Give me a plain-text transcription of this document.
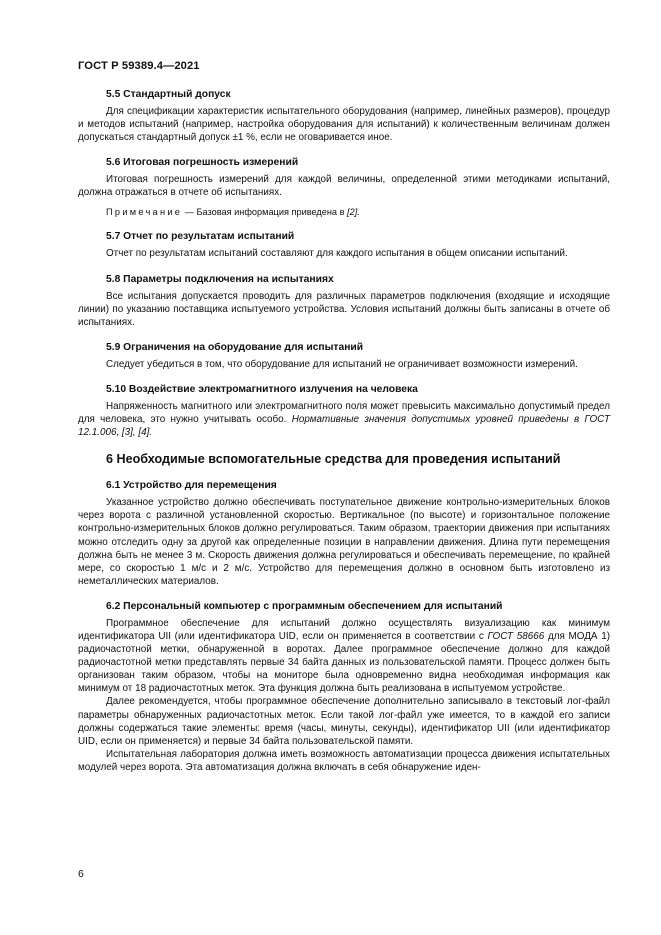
ГОСТ Р 59389.4—2021
5.5 Стандартный допуск
Для спецификации характеристик испытательного оборудования (например, линейных размеров), процедур и методов испытаний (например, настройка оборудования для испытаний) к количественным величинам должен допускаться стандартный допуск ±1 %, если не оговаривается иное.
5.6 Итоговая погрешность измерений
Итоговая погрешность измерений для каждой величины, определенной этими методиками испытаний, должна отражаться в отчете об испытаниях.
Примечание — Базовая информация приведена в [2].
5.7 Отчет по результатам испытаний
Отчет по результатам испытаний составляют для каждого испытания в общем описании испытаний.
5.8 Параметры подключения на испытаниях
Все испытания допускается проводить для различных параметров подключения (входящие и исходящие линии) по указанию поставщика испытуемого устройства. Условия испытаний должны быть записаны в отчете об испытаниях.
5.9 Ограничения на оборудование для испытаний
Следует убедиться в том, что оборудование для испытаний не ограничивает возможности измерений.
5.10 Воздействие электромагнитного излучения на человека
Напряженность магнитного или электромагнитного поля может превысить максимально допустимый предел для человека, это нужно учитывать особо. Нормативные значения допустимых уровней приведены в ГОСТ 12.1.006, [3], [4].
6 Необходимые вспомогательные средства для проведения испытаний
6.1 Устройство для перемещения
Указанное устройство должно обеспечивать поступательное движение контрольно-измерительных блоков через ворота с различной установленной скоростью. Вертикальное (по высоте) и горизонтальное положение контрольно-измерительных блоков должно регулироваться. Таким образом, траектории движения при испытаниях можно отследить одну за другой как определенные позиции в направлении движения. Длина пути перемещения должна быть не менее 3 м. Скорость движения должна регулироваться и обеспечивать перемещение, по крайней мере, со скоростью 1 м/с и 2 м/с. Устройство для перемещения должно в основном быть изготовлено из неметаллических материалов.
6.2 Персональный компьютер с программным обеспечением для испытаний
Программное обеспечение для испытаний должно осуществлять визуализацию как минимум идентификатора UII (или идентификатора UID, если он применяется в соответствии с ГОСТ 58666 для МОДА 1) радиочастотной метки, обнаруженной в воротах. Далее программное обеспечение должно для каждой радиочастотной метки представлять первые 34 байта данных из пользовательской памяти. Процесс должен быть организован таким образом, чтобы на мониторе была одновременно видна необходимая информация как минимум от 18 радиочастотных меток. Эта функция должна быть реализована в испытуемом устройстве.
Далее рекомендуется, чтобы программное обеспечение дополнительно записывало в текстовый лог-файл параметры обнаруженных радиочастотных меток. Если такой лог-файл уже имеется, то в каждой его записи должны содержаться такие элементы: время (часы, минуты, секунды), идентификатор UII (или идентификатор UID, если он применяется) и первые 34 байта пользовательской памяти.
Испытательная лаборатория должна иметь возможность автоматизации процесса движения испытательных модулей через ворота. Эта автоматизация должна включать в себя обнаружение иден-
6
